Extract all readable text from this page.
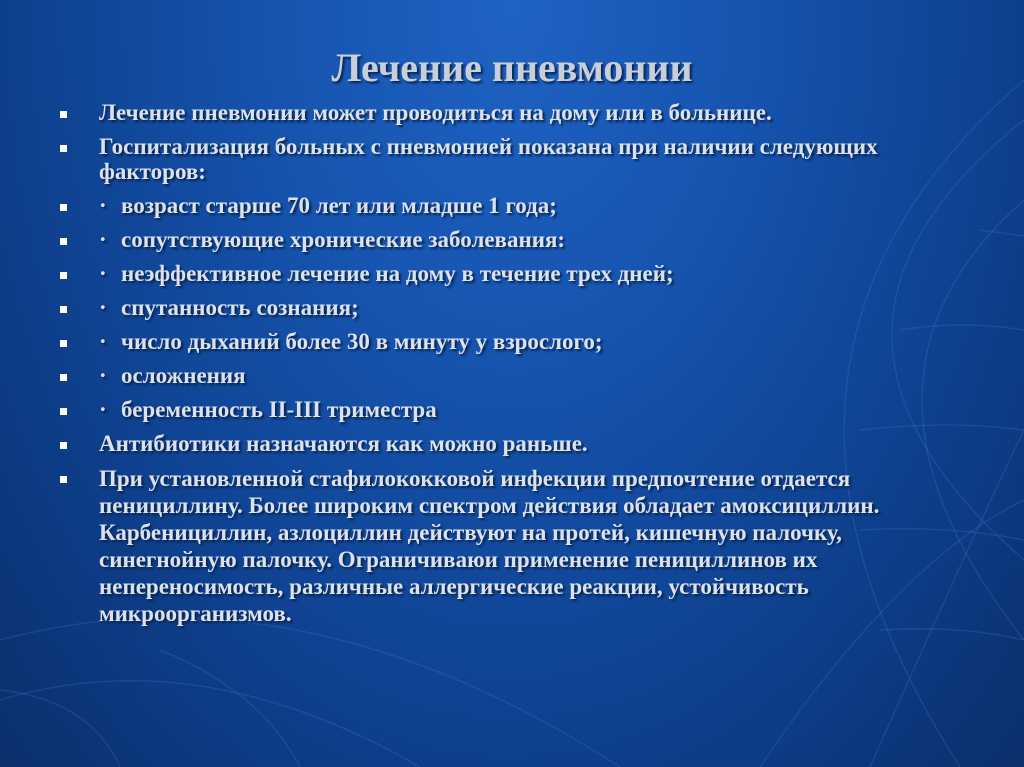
Лечение пневмонии
Лечение пневмонии может проводиться на дому или в больнице.
Госпитализация больных с пневмонией показана при наличии следующих факторов:
· возраст старше 70 лет или младше 1 года;
· сопутствующие хронические заболевания:
· неэффективное лечение на дому в течение трех дней;
· спутанность сознания;
· число дыханий более 30 в минуту у взрослого;
· осложнения
· беременность II-III триместра
Антибиотики назначаются как можно раньше.
При установленной стафилококковой инфекции предпочтение отдается пенициллину. Более широким спектром действия обладает амоксициллин. Карбенициллин, азлоциллин действуют на протей, кишечную палочку, синегнойную палочку. Ограничиваюи применение пенициллинов их непереносимость, различные аллергические реакции, устойчивость микроорганизмов.
